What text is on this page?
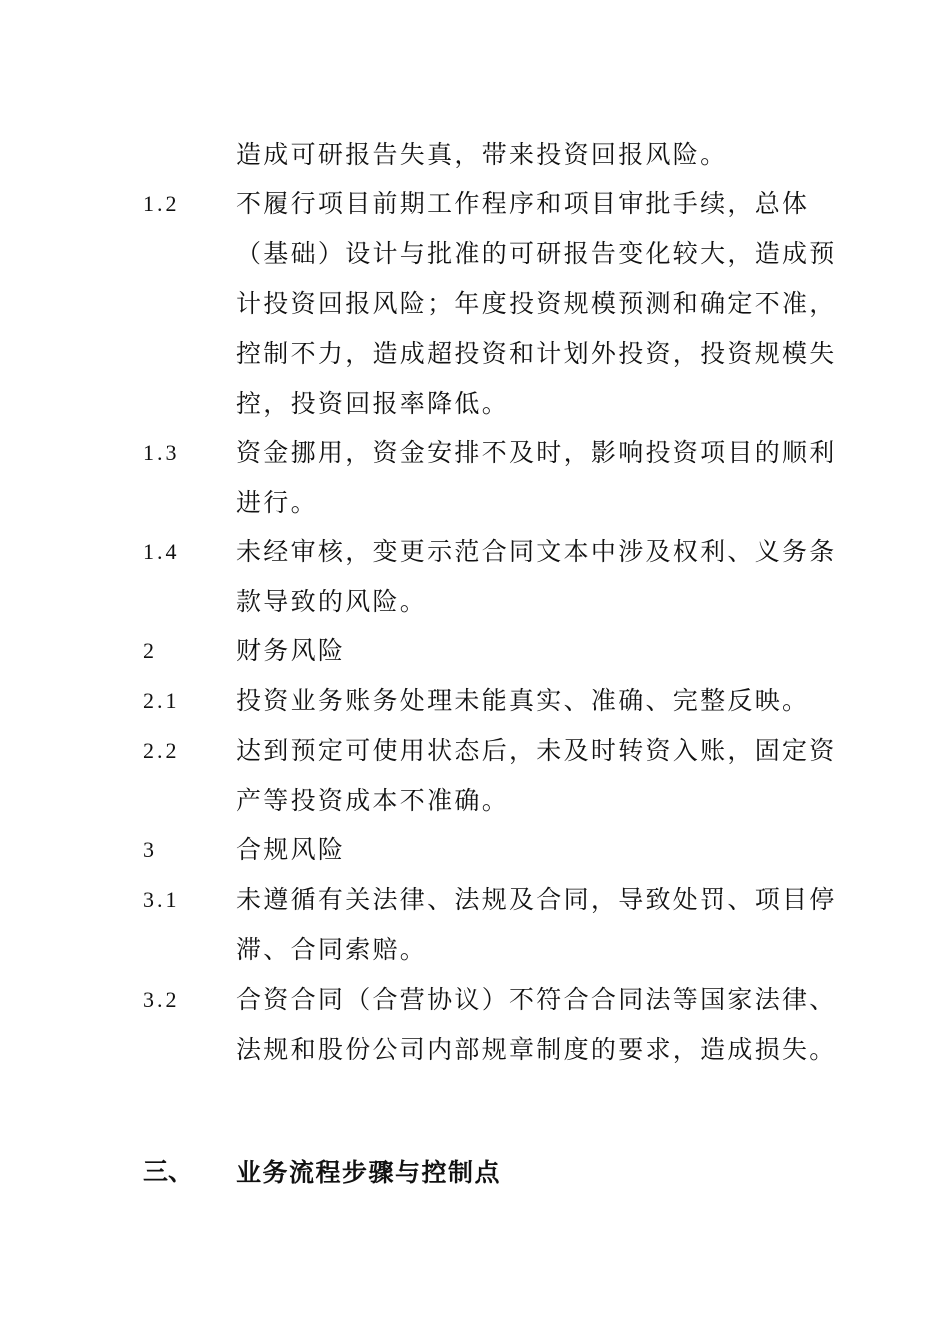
造成可研报告失真，带来投资回报风险。
1.2 不履行项目前期工作程序和项目审批手续，总体
（基础）设计与批准的可研报告变化较大，造成预
计投资回报风险；年度投资规模预测和确定不准，
控制不力，造成超投资和计划外投资，投资规模失
控，投资回报率降低。
1.3 资金挪用，资金安排不及时，影响投资项目的顺利
进行。
1.4 未经审核，变更示范合同文本中涉及权利、义务条
款导致的风险。
2	财务风险
2.1 投资业务账务处理未能真实、准确、完整反映。
2.2 达到预定可使用状态后，未及时转资入账，固定资
产等投资成本不准确。
3	合规风险
3.1 未遵循有关法律、法规及合同，导致处罚、项目停
滞、合同索赔。
3.2 合资合同（合营协议）不符合合同法等国家法律、
法规和股份公司内部规章制度的要求，造成损失。
三、 业务流程步骤与控制点
